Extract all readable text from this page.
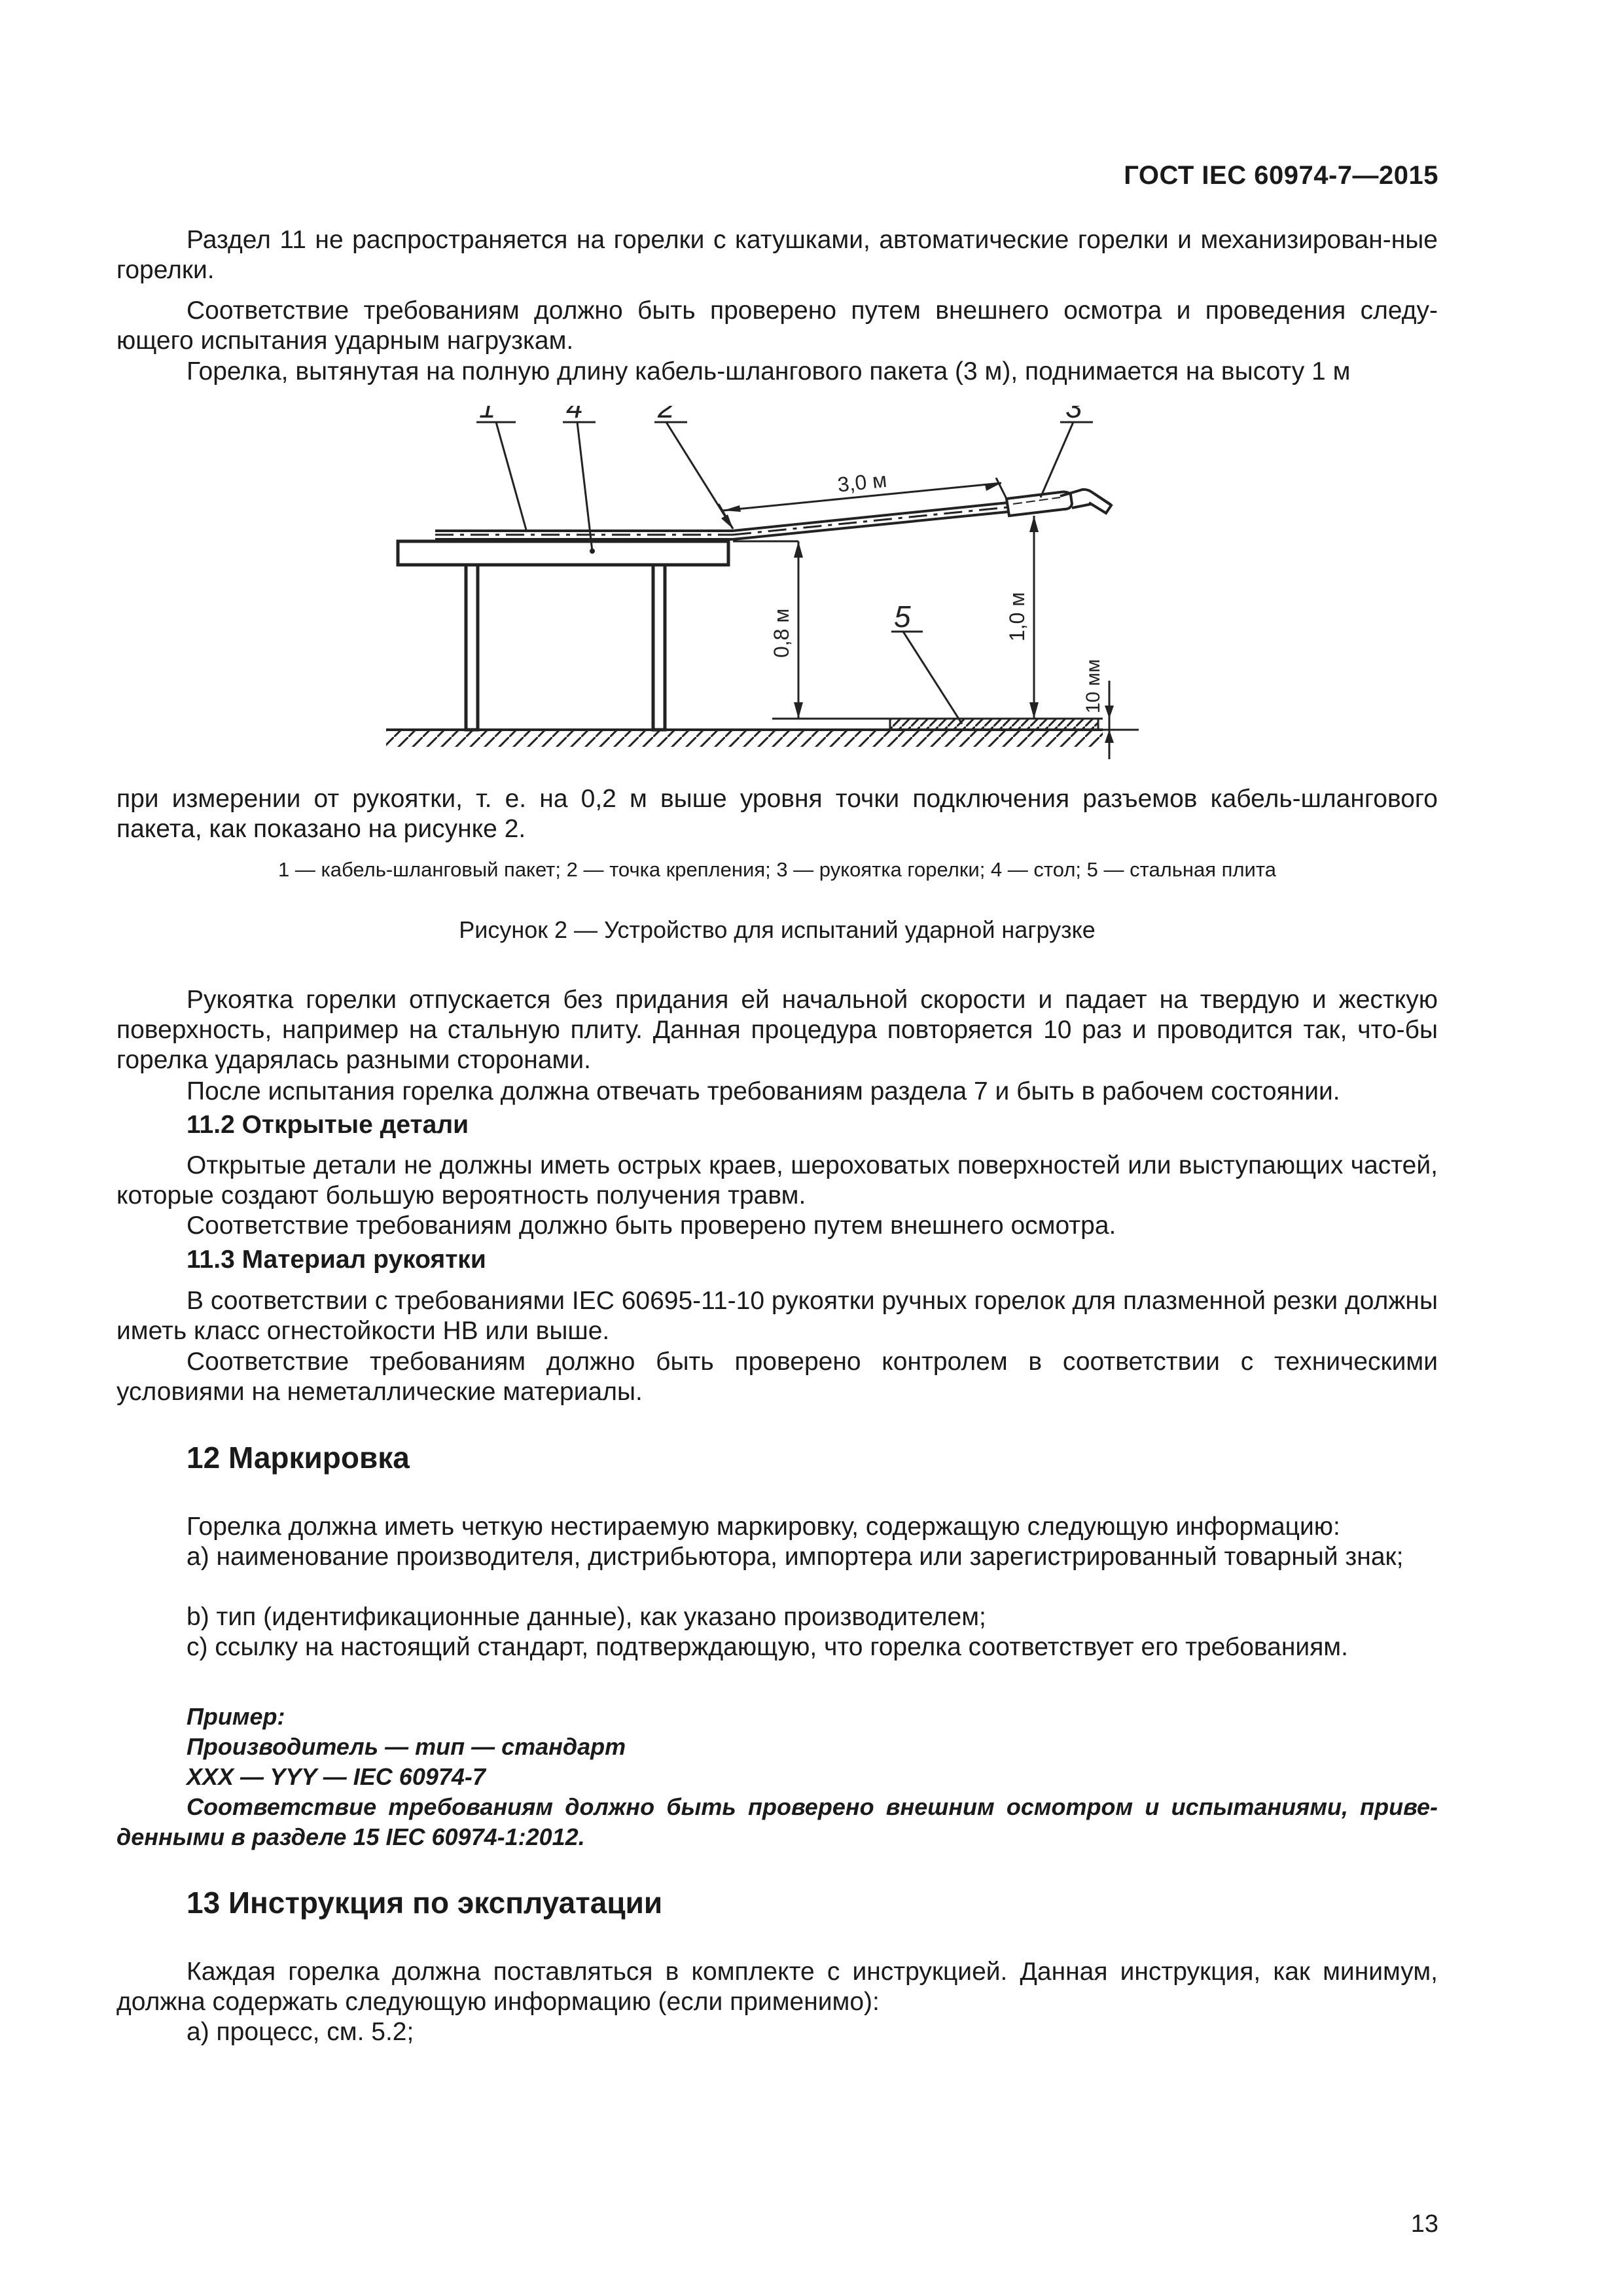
ГОСТ IEC 60974-7—2015

Раздел 11 не распространяется на горелки с катушками, автоматические горелки и механизирован-ные горелки.

Соответствие требованиям должно быть проверено путем внешнего осмотра и проведения следу-ющего испытания ударным нагрузкам.

Горелка, вытянутая на полную длину кабель-шлангового пакета (3 м), поднимается на высоту 1 м

3,0 м
0,8 м	1,0 м
10 мм
1 4 2	3
5

при измерении от рукоятки, т. е. на 0,2 м выше уровня точки подключения разъемов кабель-шлангового пакета, как показано на рисунке 2.

1 — кабель-шланговый пакет; 2 — точка крепления; 3 — рукоятка горелки; 4 — стол; 5 — стальная плита

Рисунок 2 — Устройство для испытаний ударной нагрузке

Рукоятка горелки отпускается без придания ей начальной скорости и падает на твердую и жесткую поверхность, например на стальную плиту. Данная процедура повторяется 10 раз и проводится так, что-бы горелка ударялась разными сторонами.

После испытания горелка должна отвечать требованиям раздела 7 и быть в рабочем состоянии.

11.2 Открытые детали

Открытые детали не должны иметь острых краев, шероховатых поверхностей или выступающих частей, которые создают большую вероятность получения травм.

Соответствие требованиям должно быть проверено путем внешнего осмотра.

11.3 Материал рукоятки

В соответствии с требованиями IEC 60695-11-10 рукоятки ручных горелок для плазменной резки должны иметь класс огнестойкости HB или выше.

Соответствие требованиям должно быть проверено контролем в соответствии с техническими условиями на неметаллические материалы.

12 Маркировка

Горелка должна иметь четкую нестираемую маркировку, содержащую следующую информацию:

а) наименование производителя, дистрибьютора, импортера или зарегистрированный товарный знак;

b) тип (идентификационные данные), как указано производителем;

с) ссылку на настоящий стандарт, подтверждающую, что горелка соответствует его требованиям.

Пример:

Производитель — тип — стандарт

XXX — YYY — IEC 60974-7

Соответствие требованиям должно быть проверено внешним осмотром и испытаниями, приве-денными в разделе 15 IEC 60974-1:2012.

13 Инструкция по эксплуатации

Каждая горелка должна поставляться в комплекте с инструкцией. Данная инструкция, как минимум, должна содержать следующую информацию (если применимо):

а) процесс, см. 5.2;

13
